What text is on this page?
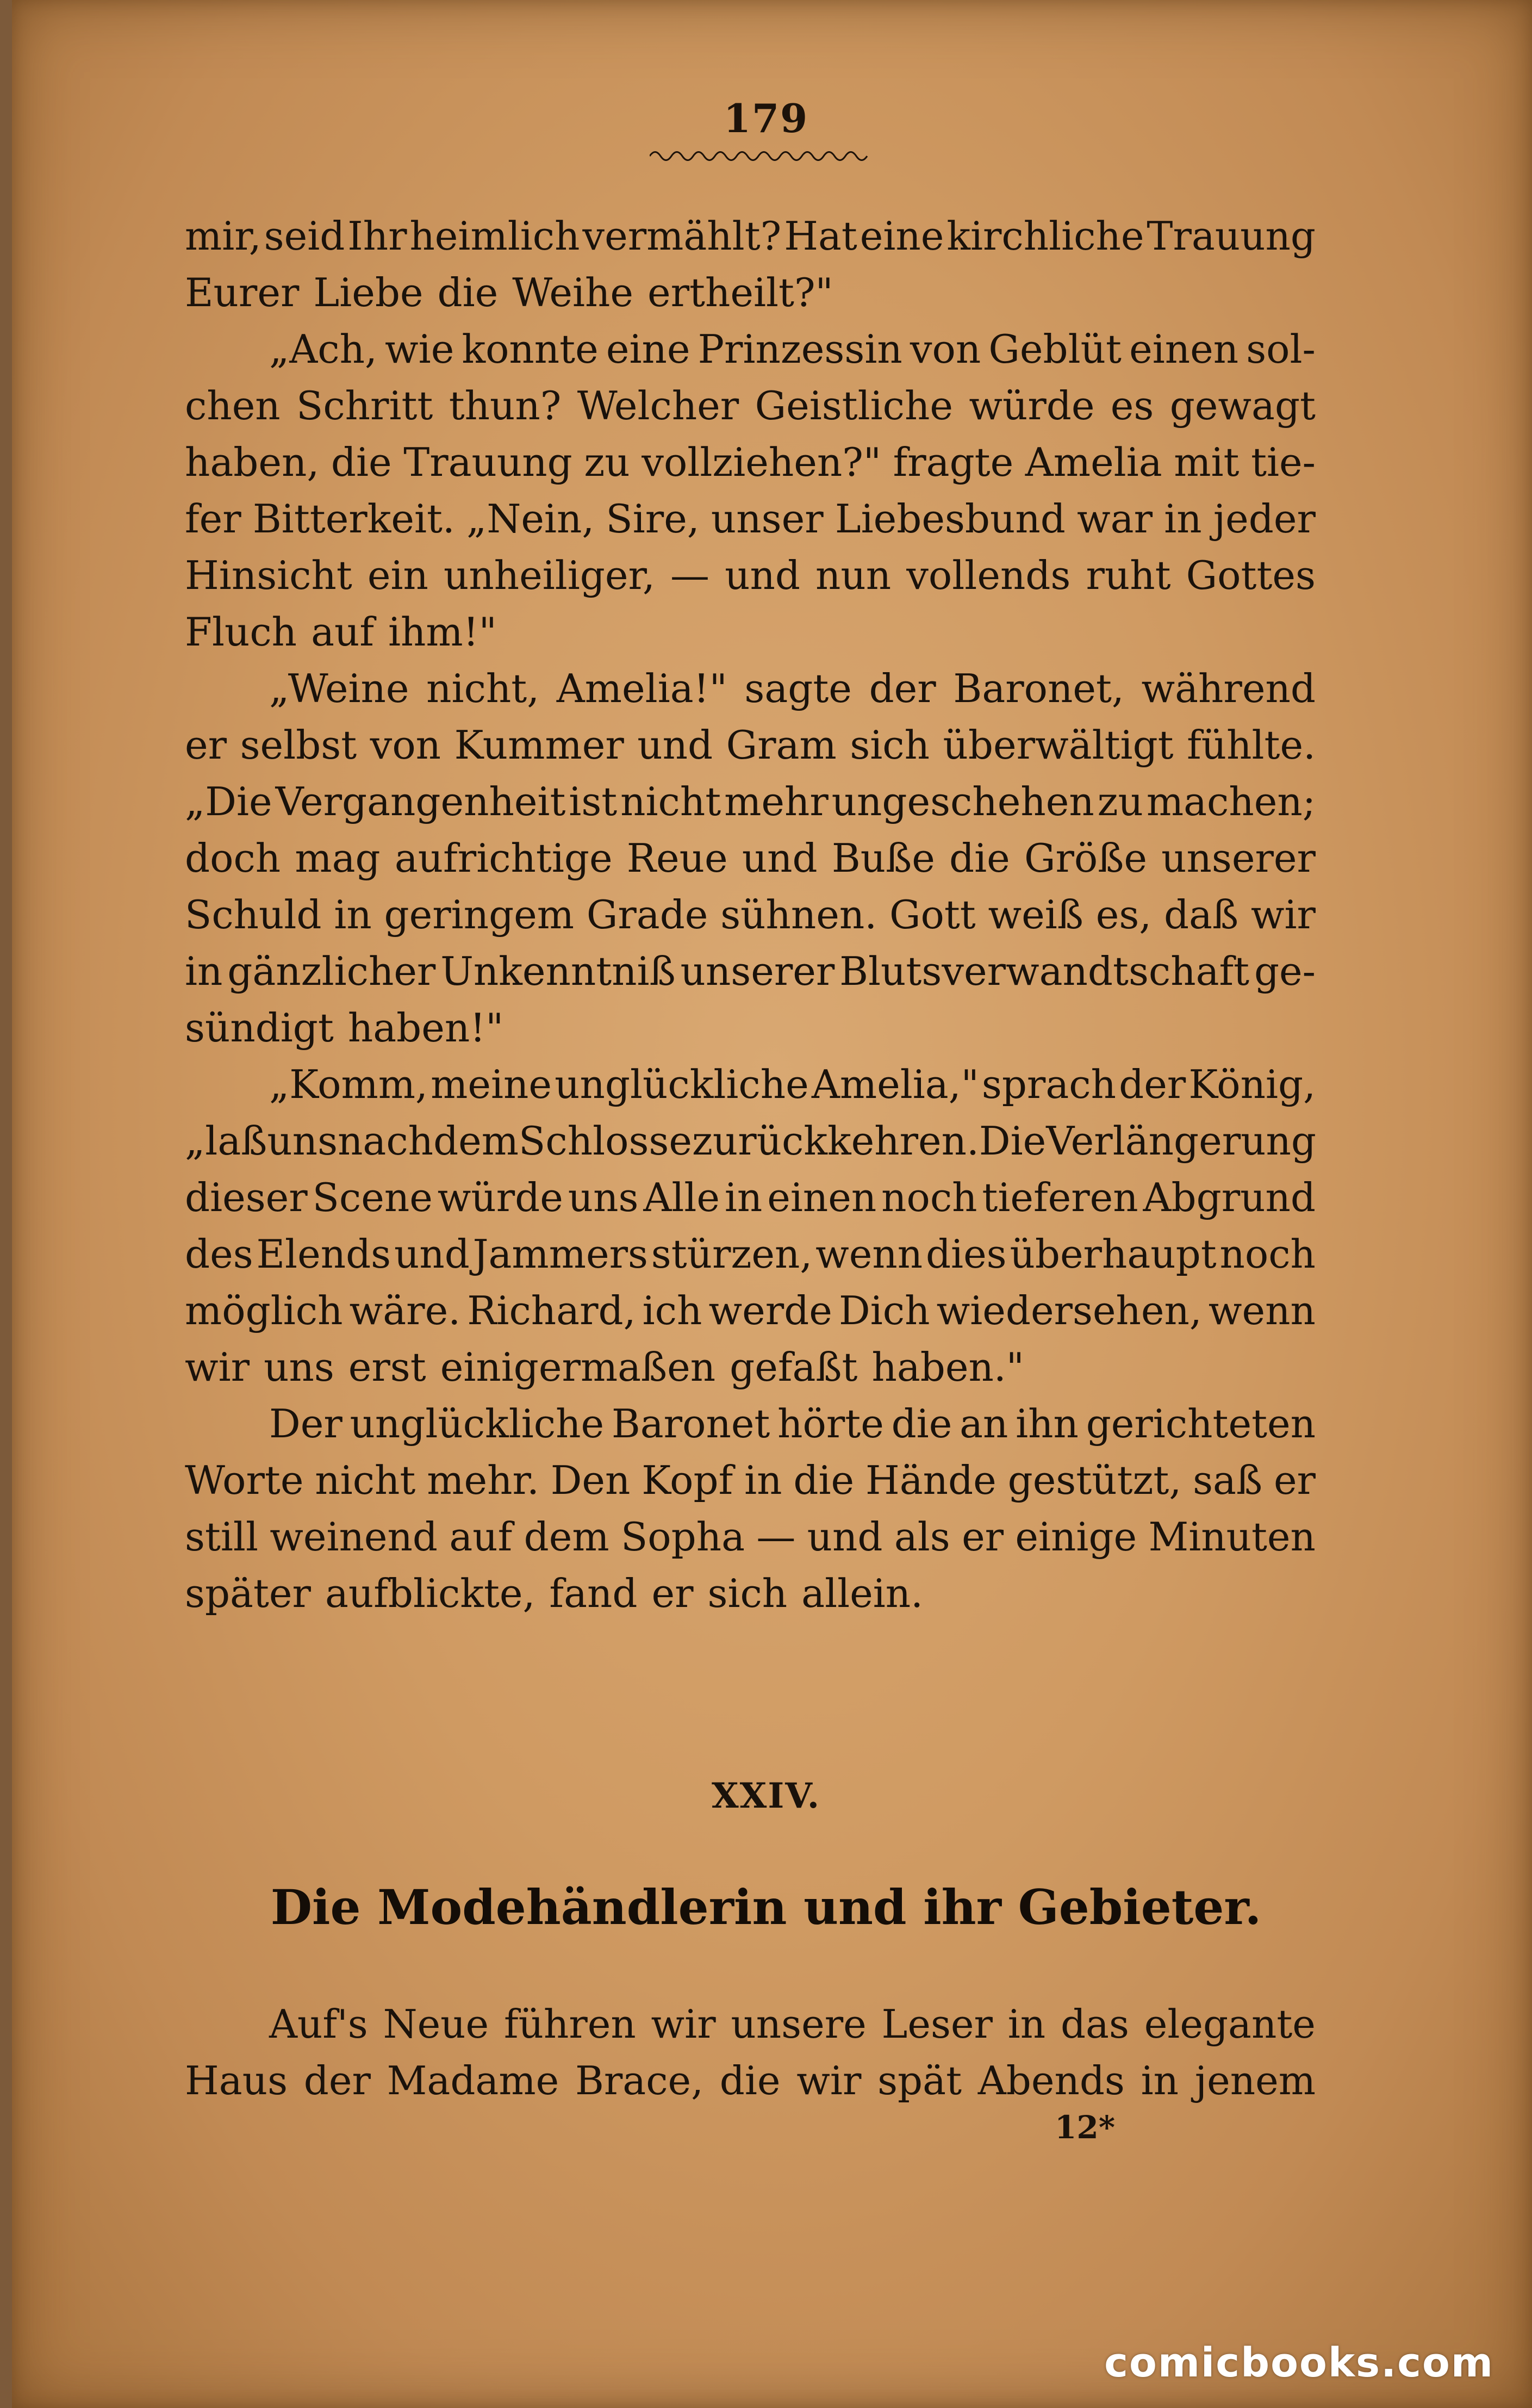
179
mir, seid Ihr heimlich vermählt? Hat eine kirchliche Trauung
Eurer Liebe die Weihe ertheilt?"
„Ach, wie konnte eine Prinzessin von Geblüt einen sol-
chen Schritt thun? Welcher Geistliche würde es gewagt
haben, die Trauung zu vollziehen?" fragte Amelia mit tie-
fer Bitterkeit. „Nein, Sire, unser Liebesbund war in jeder
Hinsicht ein unheiliger, — und nun vollends ruht Gottes
Fluch auf ihm!"
„Weine nicht, Amelia!" sagte der Baronet, während
er selbst von Kummer und Gram sich überwältigt fühlte.
„Die Vergangenheit ist nicht mehr ungeschehen zu machen;
doch mag aufrichtige Reue und Buße die Größe unserer
Schuld in geringem Grade sühnen. Gott weiß es, daß wir
in gänzlicher Unkenntniß unserer Blutsverwandtschaft ge-
sündigt haben!"
„Komm, meine unglückliche Amelia," sprach der König,
„laß uns nach dem Schlosse zurückkehren. Die Verlängerung
dieser Scene würde uns Alle in einen noch tieferen Abgrund
des Elends und Jammers stürzen, wenn dies überhaupt noch
möglich wäre. Richard, ich werde Dich wiedersehen, wenn
wir uns erst einigermaßen gefaßt haben."
Der unglückliche Baronet hörte die an ihn gerichteten
Worte nicht mehr. Den Kopf in die Hände gestützt, saß er
still weinend auf dem Sopha — und als er einige Minuten
später aufblickte, fand er sich allein.
XXIV.
Die Modehändlerin und ihr Gebieter.
Auf's Neue führen wir unsere Leser in das elegante
Haus der Madame Brace, die wir spät Abends in jenem
12*
comicbooks.com
